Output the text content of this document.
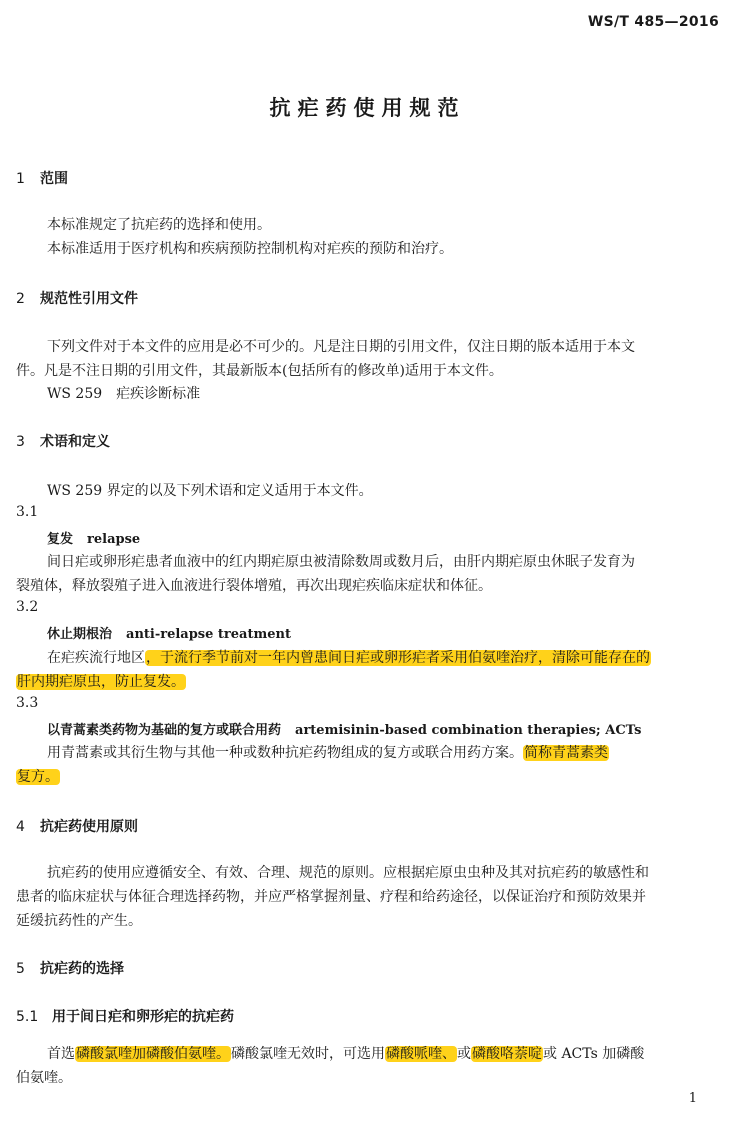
WS/T 485—2016
抗疟药使用规范
1 范围
本标准规定了抗疟药的选择和使用。
本标准适用于医疗机构和疾病预防控制机构对疟疾的预防和治疗。
2 规范性引用文件
下列文件对于本文件的应用是必不可少的。凡是注日期的引用文件，仅注日期的版本适用于本文
件。凡是不注日期的引用文件，其最新版本(包括所有的修改单)适用于本文件。
WS 259　疟疾诊断标准
3 术语和定义
WS 259 界定的以及下列术语和定义适用于本文件。
3.1
复发 relapse
间日疟或卵形疟患者血液中的红内期疟原虫被清除数周或数月后，由肝内期疟原虫休眠子发育为
裂殖体，释放裂殖子进入血液进行裂体增殖，再次出现疟疾临床症状和体征。
3.2
休止期根治 anti-relapse treatment
在疟疾流行地区，于流行季节前对一年内曾患间日疟或卵形疟者采用伯氨喹治疗，清除可能存在的
肝内期疟原虫，防止复发。
3.3
以青蒿素类药物为基础的复方或联合用药 artemisinin-based combination therapies; ACTs
用青蒿素或其衍生物与其他一种或数种抗疟药物组成的复方或联合用药方案。简称青蒿素类
复方。
4 抗疟药使用原则
抗疟药的使用应遵循安全、有效、合理、规范的原则。应根据疟原虫虫种及其对抗疟药的敏感性和
患者的临床症状与体征合理选择药物，并应严格掌握剂量、疗程和给药途径，以保证治疗和预防效果并
延缓抗药性的产生。
5 抗疟药的选择
5.1 用于间日疟和卵形疟的抗疟药
首选磷酸氯喹加磷酸伯氨喹。磷酸氯喹无效时，可选用磷酸哌喹、或磷酸咯萘啶或 ACTs 加磷酸
伯氨喹。
1
